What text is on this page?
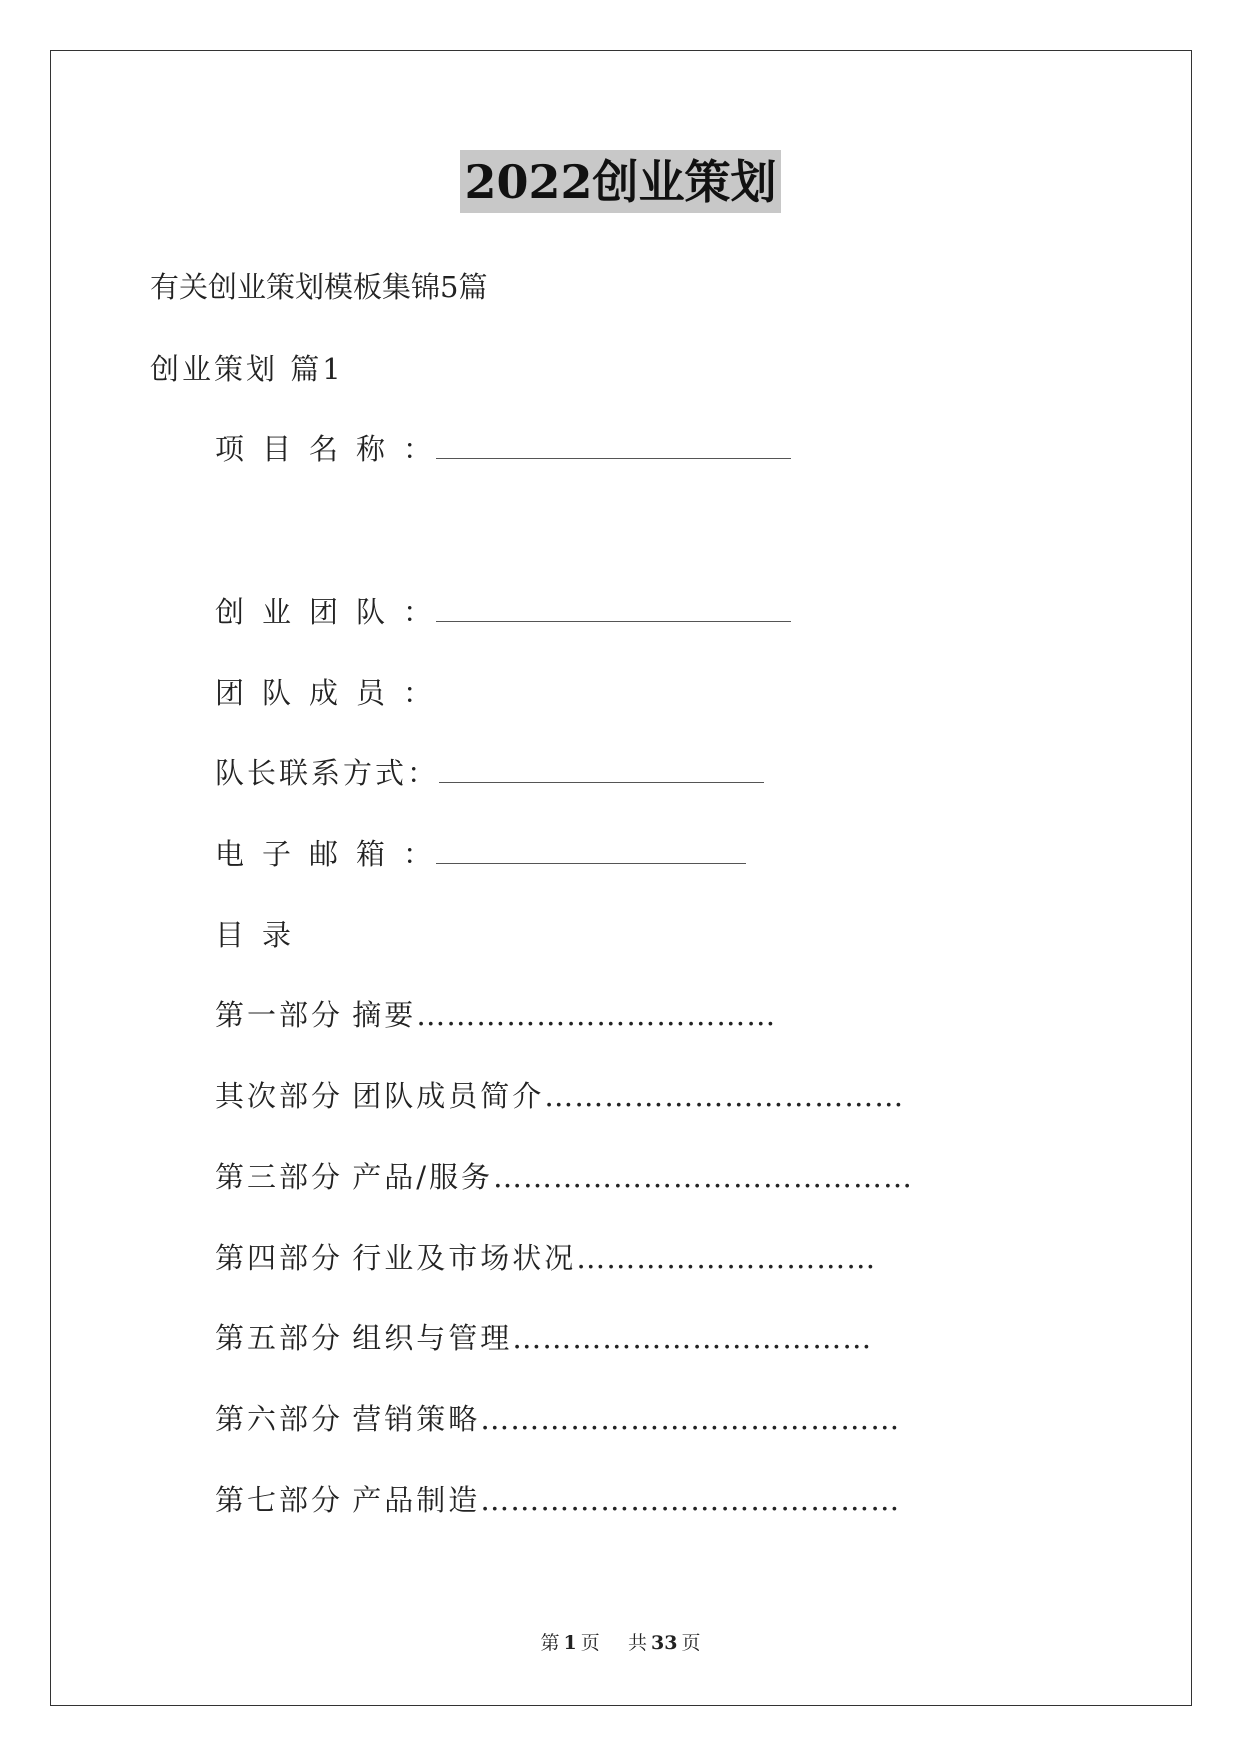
2022创业策划
有关创业策划模板集锦5篇
创业策划 篇1
项目名称：
创业团队：
团队成员：
队长联系方式：
电子邮箱：
目录
第一部分 摘要………………………………
其次部分 团队成员简介………………………………
第三部分 产品/服务……………………………………
第四部分 行业及市场状况…………………………
第五部分 组织与管理………………………………
第六部分 营销策略……………………………………
第七部分 产品制造……………………………………
第 1 页 共 33 页
